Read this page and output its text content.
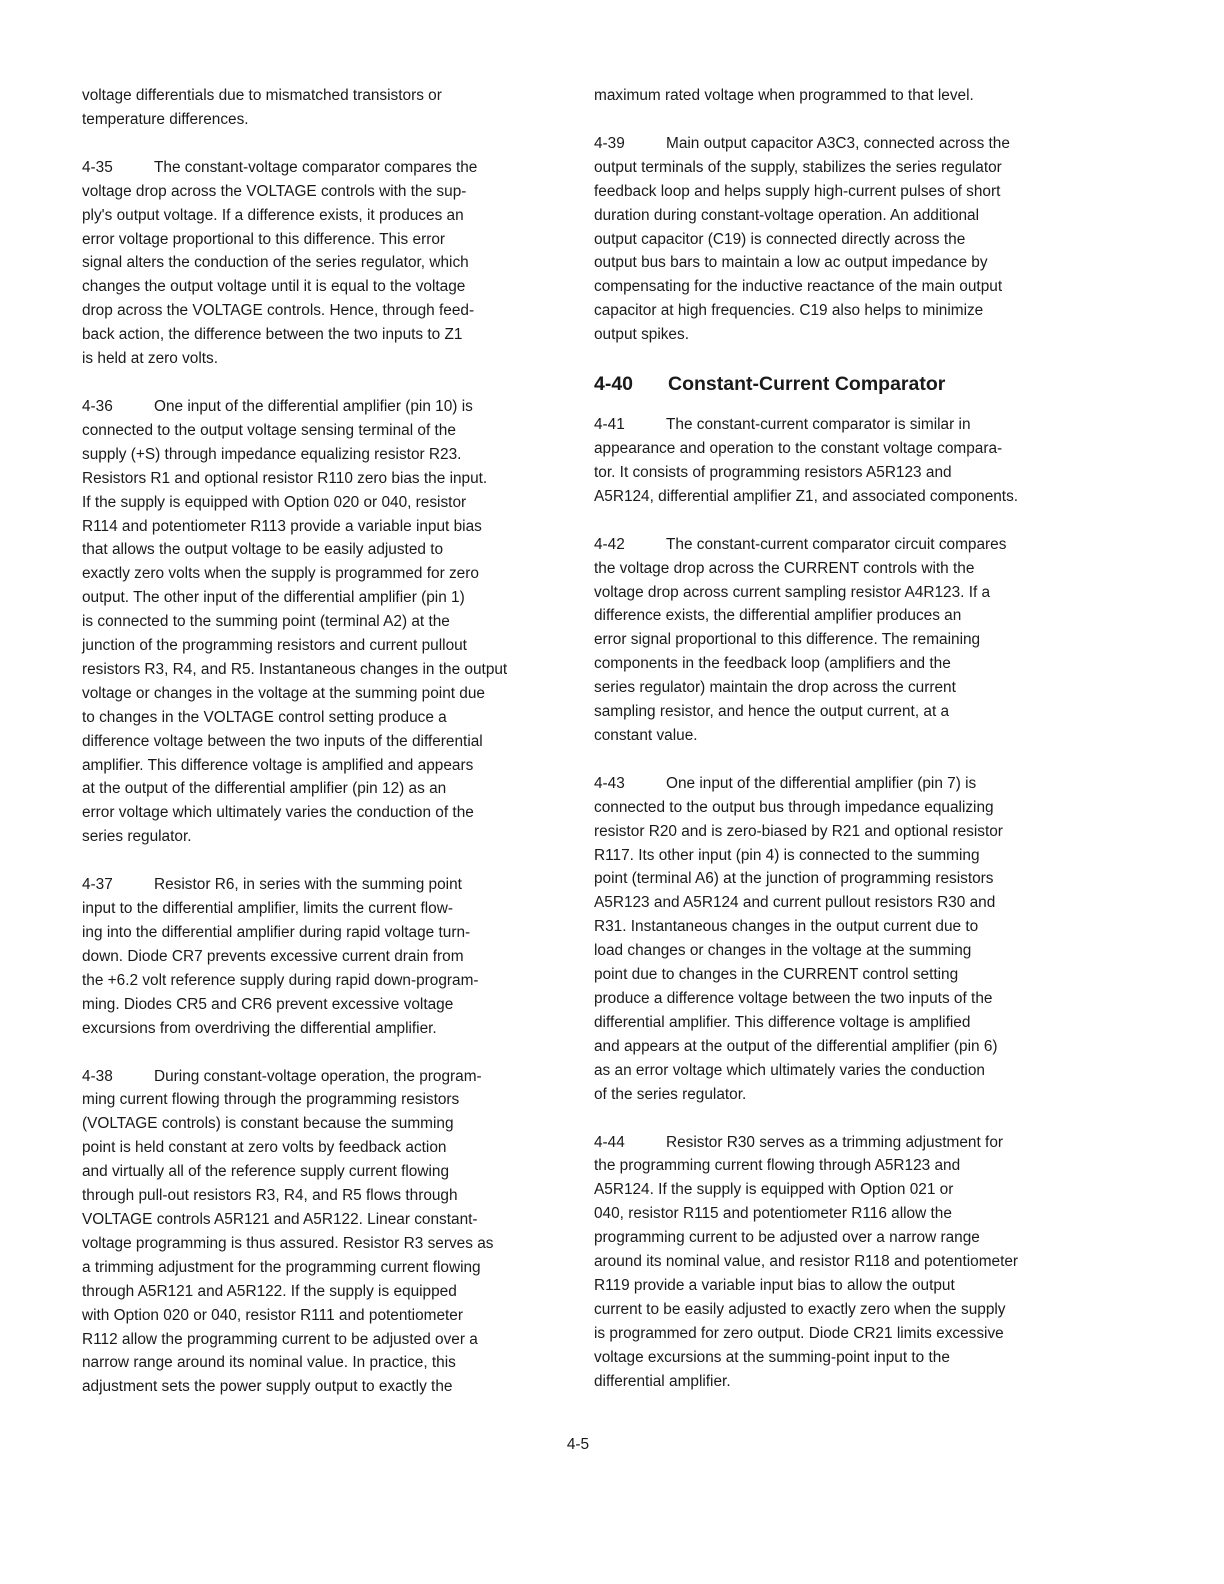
voltage differentials due to mismatched transistors or
temperature differences.
4-35	The constant-voltage comparator compares the
voltage drop across the VOLTAGE controls with the sup-
ply's output voltage. If a difference exists, it produces an
error voltage proportional to this difference. This error
signal alters the conduction of the series regulator, which
changes the output voltage until it is equal to the voltage
drop across the VOLTAGE controls. Hence, through feed-
back action, the difference between the two inputs to Z1
is held at zero volts.
4-36	One input of the differential amplifier (pin 10) is
connected to the output voltage sensing terminal of the
supply (+S) through impedance equalizing resistor R23.
Resistors R1 and optional resistor R110 zero bias the input.
If the supply is equipped with Option 020 or 040, resistor
R114 and potentiometer R113 provide a variable input bias
that allows the output voltage to be easily adjusted to
exactly zero volts when the supply is programmed for zero
output. The other input of the differential amplifier (pin 1)
is connected to the summing point (terminal A2) at the
junction of the programming resistors and current pullout
resistors R3, R4, and R5. Instantaneous changes in the output
voltage or changes in the voltage at the summing point due
to changes in the VOLTAGE control setting produce a
difference voltage between the two inputs of the differential
amplifier. This difference voltage is amplified and appears
at the output of the differential amplifier (pin 12) as an
error voltage which ultimately varies the conduction of the
series regulator.
4-37	Resistor R6, in series with the summing point
input to the differential amplifier, limits the current flow-
ing into the differential amplifier during rapid voltage turn-
down. Diode CR7 prevents excessive current drain from
the +6.2 volt reference supply during rapid down-program-
ming. Diodes CR5 and CR6 prevent excessive voltage
excursions from overdriving the differential amplifier.
4-38	During constant-voltage operation, the program-
ming current flowing through the programming resistors
(VOLTAGE controls) is constant because the summing
point is held constant at zero volts by feedback action
and virtually all of the reference supply current flowing
through pull-out resistors R3, R4, and R5 flows through
VOLTAGE controls A5R121 and A5R122. Linear constant-
voltage programming is thus assured. Resistor R3 serves as
a trimming adjustment for the programming current flowing
through A5R121 and A5R122. If the supply is equipped
with Option 020 or 040, resistor R111 and potentiometer
R112 allow the programming current to be adjusted over a
narrow range around its nominal value. In practice, this
adjustment sets the power supply output to exactly the
maximum rated voltage when programmed to that level.
4-39	Main output capacitor A3C3, connected across the
output terminals of the supply, stabilizes the series regulator
feedback loop and helps supply high-current pulses of short
duration during constant-voltage operation. An additional
output capacitor (C19) is connected directly across the
output bus bars to maintain a low ac output impedance by
compensating for the inductive reactance of the main output
capacitor at high frequencies. C19 also helps to minimize
output spikes.
4-40 Constant-Current Comparator
4-41	The constant-current comparator is similar in
appearance and operation to the constant voltage compara-
tor. It consists of programming resistors A5R123 and
A5R124, differential amplifier Z1, and associated components.
4-42	The constant-current comparator circuit compares
the voltage drop across the CURRENT controls with the
voltage drop across current sampling resistor A4R123. If a
difference exists, the differential amplifier produces an
error signal proportional to this difference. The remaining
components in the feedback loop (amplifiers and the
series regulator) maintain the drop across the current
sampling resistor, and hence the output current, at a
constant value.
4-43	One input of the differential amplifier (pin 7) is
connected to the output bus through impedance equalizing
resistor R20 and is zero-biased by R21 and optional resistor
R117. Its other input (pin 4) is connected to the summing
point (terminal A6) at the junction of programming resistors
A5R123 and A5R124 and current pullout resistors R30 and
R31. Instantaneous changes in the output current due to
load changes or changes in the voltage at the summing
point due to changes in the CURRENT control setting
produce a difference voltage between the two inputs of the
differential amplifier. This difference voltage is amplified
and appears at the output of the differential amplifier (pin 6)
as an error voltage which ultimately varies the conduction
of the series regulator.
4-44	Resistor R30 serves as a trimming adjustment for
the programming current flowing through A5R123 and
A5R124. If the supply is equipped with Option 021 or
040, resistor R115 and potentiometer R116 allow the
programming current to be adjusted over a narrow range
around its nominal value, and resistor R118 and potentiometer
R119 provide a variable input bias to allow the output
current to be easily adjusted to exactly zero when the supply
is programmed for zero output. Diode CR21 limits excessive
voltage excursions at the summing-point input to the
differential amplifier.
4-5
